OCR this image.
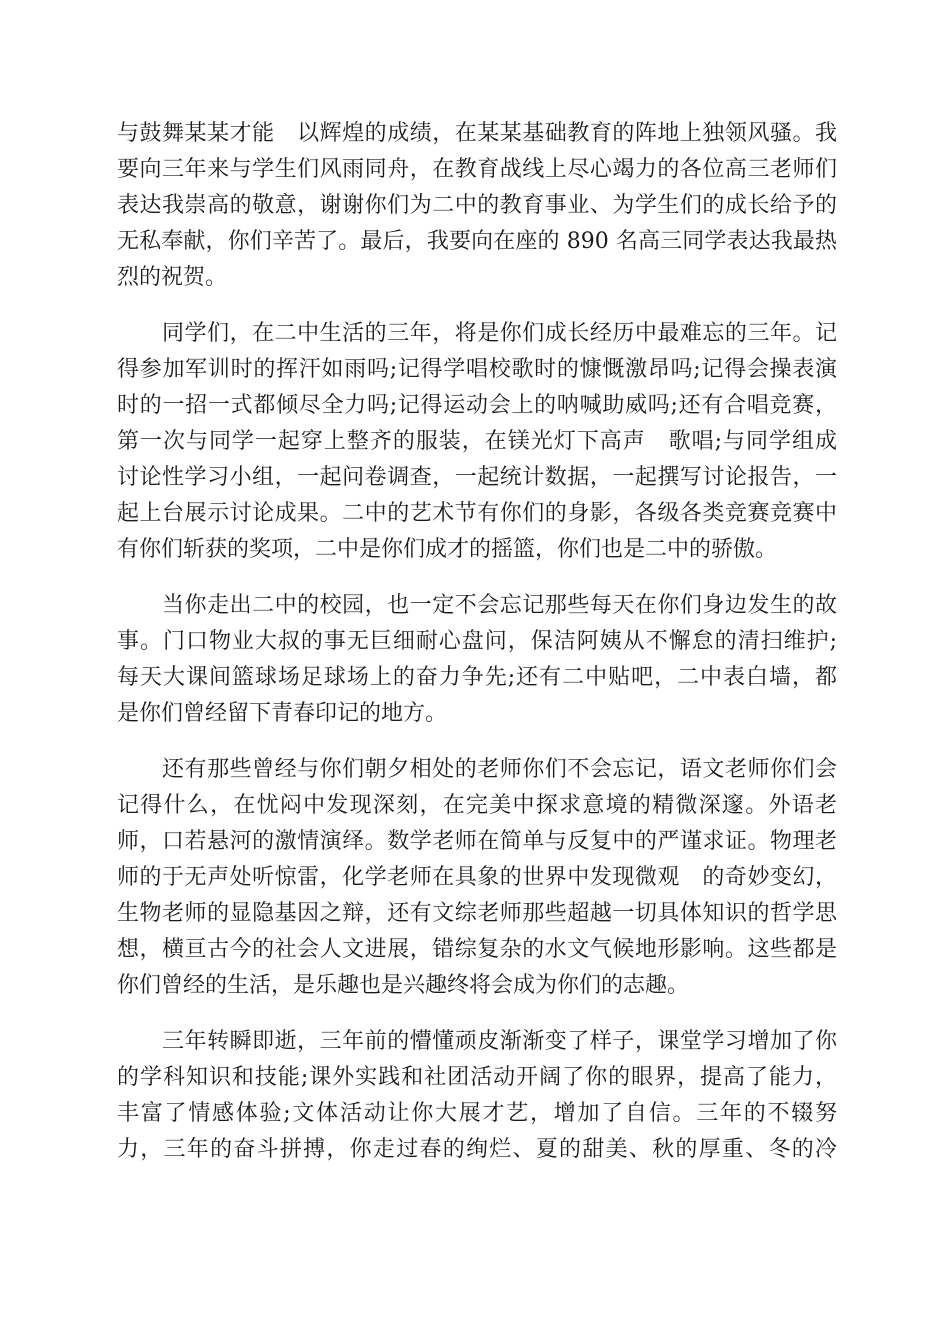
与鼓舞某某才能　以辉煌的成绩，在某某基础教育的阵地上独领风骚。我
要向三年来与学生们风雨同舟，在教育战线上尽心竭力的各位高三老师们
表达我崇高的敬意，谢谢你们为二中的教育事业、为学生们的成长给予的
无私奉献，你们辛苦了。最后，我要向在座的 890 名高三同学表达我最热
烈的祝贺。
　　同学们，在二中生活的三年，将是你们成长经历中最难忘的三年。记
得参加军训时的挥汗如雨吗;记得学唱校歌时的慷慨激昂吗;记得会操表演
时的一招一式都倾尽全力吗;记得运动会上的呐喊助威吗;还有合唱竞赛，
第一次与同学一起穿上整齐的服装，在镁光灯下高声　歌唱;与同学组成
讨论性学习小组，一起问卷调查，一起统计数据，一起撰写讨论报告，一
起上台展示讨论成果。二中的艺术节有你们的身影，各级各类竞赛竞赛中
有你们斩获的奖项，二中是你们成才的摇篮，你们也是二中的骄傲。
　　当你走出二中的校园，也一定不会忘记那些每天在你们身边发生的故
事。门口物业大叔的事无巨细耐心盘问，保洁阿姨从不懈怠的清扫维护;
每天大课间篮球场足球场上的奋力争先;还有二中贴吧，二中表白墙，都
是你们曾经留下青春印记的地方。
　　还有那些曾经与你们朝夕相处的老师你们不会忘记，语文老师你们会
记得什么，在忧闷中发现深刻，在完美中探求意境的精微深邃。外语老
师，口若悬河的激情演绎。数学老师在简单与反复中的严谨求证。物理老
师的于无声处听惊雷，化学老师在具象的世界中发现微观　的奇妙变幻，
生物老师的显隐基因之辩，还有文综老师那些超越一切具体知识的哲学思
想，横亘古今的社会人文进展，错综复杂的水文气候地形影响。这些都是
你们曾经的生活，是乐趣也是兴趣终将会成为你们的志趣。
　　三年转瞬即逝，三年前的懵懂顽皮渐渐变了样子，课堂学习增加了你
的学科知识和技能;课外实践和社团活动开阔了你的眼界，提高了能力，
丰富了情感体验;文体活动让你大展才艺，增加了自信。三年的不辍努
力，三年的奋斗拼搏，你走过春的绚烂、夏的甜美、秋的厚重、冬的冷
